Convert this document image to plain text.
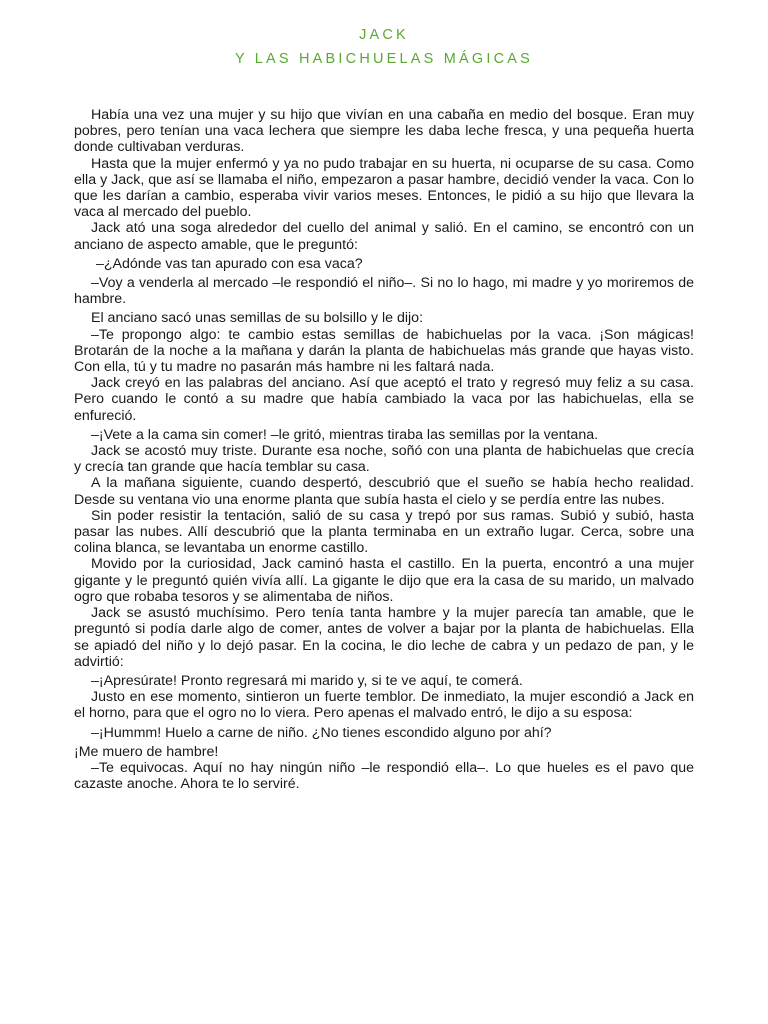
JACK
Y LAS HABICHUELAS MÁGICAS

Había una vez una mujer y su hijo que vivían en una cabaña en medio del bosque. Eran muy pobres, pero tenían una vaca lechera que siempre les daba leche fresca, y una pequeña huerta donde cultivaban verduras.

Hasta que la mujer enfermó y ya no pudo trabajar en su huerta, ni ocuparse de su casa. Como ella y Jack, que así se llamaba el niño, empezaron a pasar hambre, decidió vender la vaca. Con lo que les darían a cambio, esperaba vivir varios meses. Entonces, le pidió a su hijo que llevara la vaca al mercado del pueblo.

Jack ató una soga alrededor del cuello del animal y salió. En el camino, se encontró con un anciano de aspecto amable, que le preguntó:

–¿Adónde vas tan apurado con esa vaca?

–Voy a venderla al mercado –le respondió el niño–. Si no lo hago, mi madre y yo moriremos de hambre.

El anciano sacó unas semillas de su bolsillo y le dijo:

–Te propongo algo: te cambio estas semillas de habichuelas por la vaca. ¡Son mágicas! Brotarán de la noche a la mañana y darán la planta de habichuelas más grande que hayas visto. Con ella, tú y tu madre no pasarán más hambre ni les faltará nada.

Jack creyó en las palabras del anciano. Así que aceptó el trato y regresó muy feliz a su casa. Pero cuando le contó a su madre que había cambiado la vaca por las habichuelas, ella se enfureció.

–¡Vete a la cama sin comer! –le gritó, mientras tiraba las semillas por la ventana.

Jack se acostó muy triste. Durante esa noche, soñó con una planta de habichuelas que crecía y crecía tan grande que hacía temblar su casa.

A la mañana siguiente, cuando despertó, descubrió que el sueño se había hecho realidad. Desde su ventana vio una enorme planta que subía hasta el cielo y se perdía entre las nubes.

Sin poder resistir la tentación, salió de su casa y trepó por sus ramas. Subió y subió, hasta pasar las nubes. Allí descubrió que la planta terminaba en un extraño lugar. Cerca, sobre una colina blanca, se levantaba un enorme castillo.

Movido por la curiosidad, Jack caminó hasta el castillo. En la puerta, encontró a una mujer gigante y le preguntó quién vivía allí. La gigante le dijo que era la casa de su marido, un malvado ogro que robaba tesoros y se alimentaba de niños.

Jack se asustó muchísimo. Pero tenía tanta hambre y la mujer parecía tan amable, que le preguntó si podía darle algo de comer, antes de volver a bajar por la planta de habichuelas. Ella se apiadó del niño y lo dejó pasar. En la cocina, le dio leche de cabra y un pedazo de pan, y le advirtió:

–¡Apresúrate! Pronto regresará mi marido y, si te ve aquí, te comerá.

Justo en ese momento, sintieron un fuerte temblor. De inmediato, la mujer escondió a Jack en el horno, para que el ogro no lo viera. Pero apenas el malvado entró, le dijo a su esposa:

–¡Hummm! Huelo a carne de niño. ¿No tienes escondido alguno por ahí?

¡Me muero de hambre!

–Te equivocas. Aquí no hay ningún niño –le respondió ella–. Lo que hueles es el pavo que cazaste anoche. Ahora te lo serviré.
